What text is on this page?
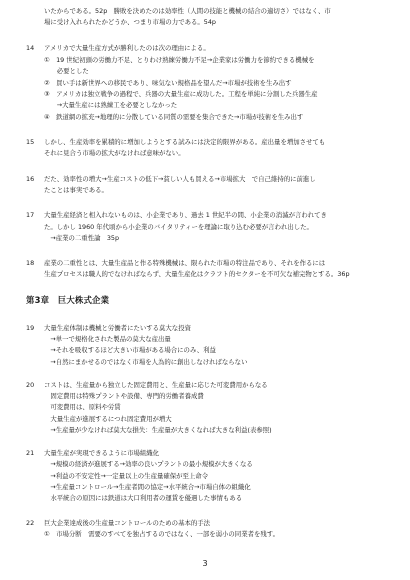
いたからである。52p　勝敗を決めたのは効率性（人間の技能と機械の結合の適切さ）ではなく、市
場に受け入れられたかどうか、つまり市場の力である。54p
14 アメリカで大量生産方式が勝利したのは次の理由による。
①　19 世紀初頭の労働力不足、とりわけ熟練労働力不足→企業家は労働力を節約できる機械を
　　必要とした
②　買い手は新世界への移民であり、味気ない規格品を望んだ→市場が技術を生み出す
③　アメリカは独立戦争の過程で、兵器の大量生産に成功した。工程を単純に分割した兵器生産
　　→大量生産には熟練工を必要としなかった
④　鉄道網の拡充→地理的に分散している同質の需要を集合できた→市場が技術を生み出す
15 しかし、生産効率を累積的に増加しようとする試みには決定的限界がある。産出量を増加させても
それに見合う市場の拡大がなければ意味がない。
16 だた、効率性の増大→生産コストの低下→貧しい人も買える→市場拡大　で自己維持的に前進し
たことは事実である。
17 大量生産経済と相入れないものは、小企業であり、過去 1 世紀半の間、小企業の消滅が言われてき
た。しかし 1960 年代頃から小企業のバイタリティーを理論に取り込む必要が言われ出した。
　→産業の二重性論　35p
18 産業の二重性とは、大量生産品と作る特殊機械は、限られた市場の特注品であり、それを作るには
生産プロセスは職人的でなければならず、大量生産化はクラフト的セクターを不可欠な補完物とする。36p
第3章　巨大株式企業
19 大量生産体制は機械と労働者にたいする莫大な投資
　→単一で規格化された製品の莫大な産出量
　→それを吸収するほど大きい市場がある場合にのみ、利益
　→自然にまかせるのではなく市場を人為的に創出しなければならない
20 コストは、生産量から独立した固定費用と、生産量に応じた可変費用からなる
　固定費用は特殊プラントや設備、専門的労働者養成費
　可変費用は、原料や労賃
　大量生産が進展するにつれ固定費用が増大
　→生産量が少なければ莫大な損失：生産量が大きくなれば大きな利益(表参照)
21 大量生産が実現できるように市場組織化
　→規模の経済が進展する→効率の良いプラントの最小規模が大きくなる
　→利益の不安定性→一定量以上の生産量確保が至上命令
　→生産量コントロール→生産者間の協定→水平統合→市場自体の組織化
　水平統合の原因には鉄道は大口利用者の運賃を優遇した事情もある
22 巨大企業達成後の生産量コントロールのための基本的手法
①　市場分断　需要のすべてを独占するのではなく、一部を弱小の同業者を残す。
3
